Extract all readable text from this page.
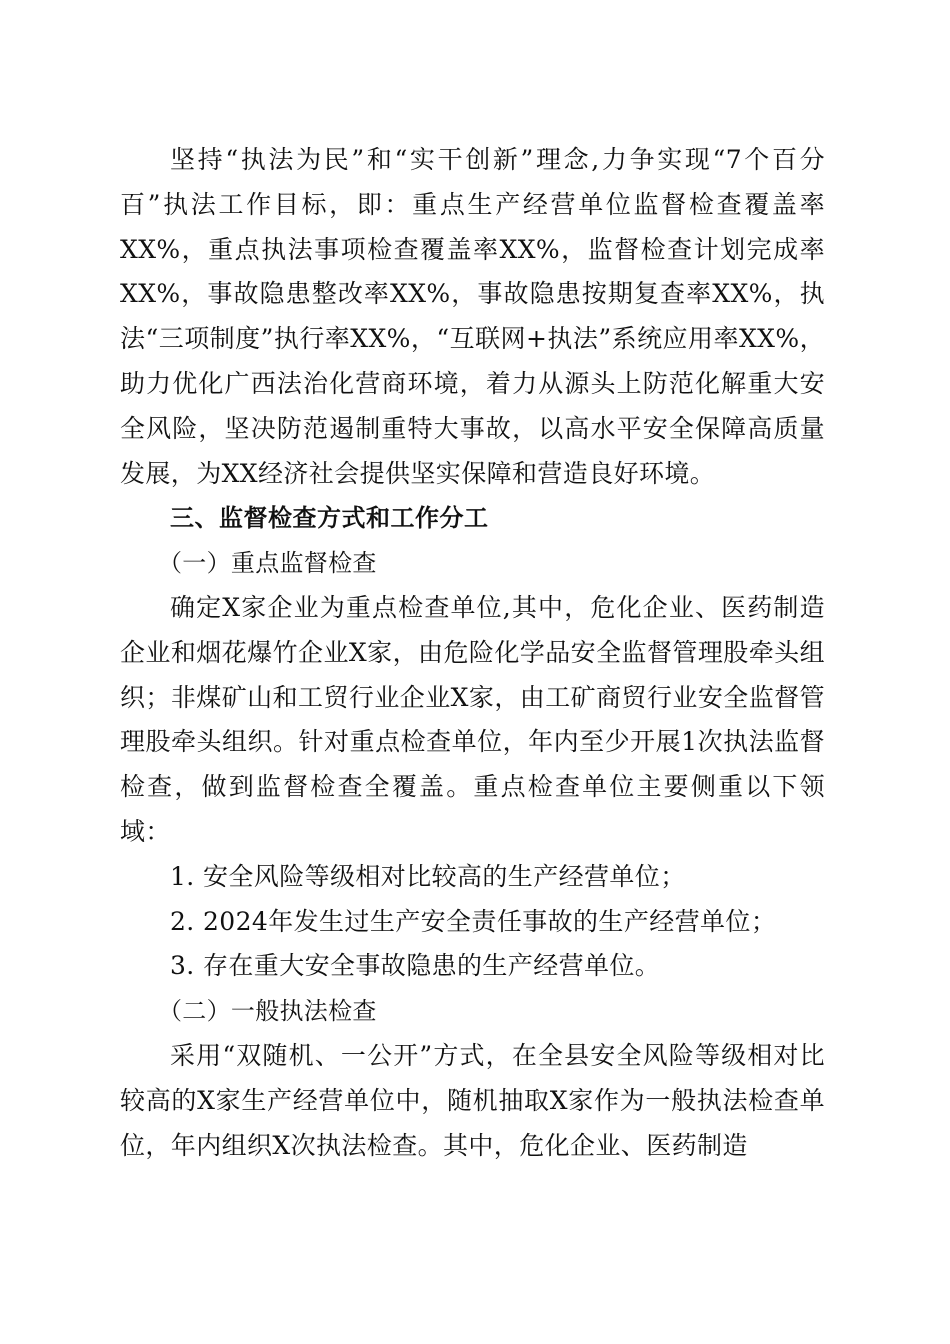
坚持“执法为民”和“实干创新”理念,力争实现“7个百分百”执法工作目标，即：重点生产经营单位监督检查覆盖率XX%，重点执法事项检查覆盖率XX%，监督检查计划完成率XX%，事故隐患整改率XX%，事故隐患按期复查率XX%，执法“三项制度”执行率XX%，“互联网+执法”系统应用率XX%，助力优化广西法治化营商环境，着力从源头上防范化解重大安全风险，坚决防范遏制重特大事故，以高水平安全保障高质量发展，为XX经济社会提供坚实保障和营造良好环境。

三、监督检查方式和工作分工

（一）重点监督检查

确定X家企业为重点检查单位,其中，危化企业、医药制造企业和烟花爆竹企业X家，由危险化学品安全监督管理股牵头组织；非煤矿山和工贸行业企业X家，由工矿商贸行业安全监督管理股牵头组织。针对重点检查单位，年内至少开展1次执法监督检查，做到监督检查全覆盖。重点检查单位主要侧重以下领域：

1. 安全风险等级相对比较高的生产经营单位；

2. 2024年发生过生产安全责任事故的生产经营单位；

3. 存在重大安全事故隐患的生产经营单位。

（二）一般执法检查

采用“双随机、一公开”方式，在全县安全风险等级相对比较高的X家生产经营单位中，随机抽取X家作为一般执法检查单位，年内组织X次执法检查。其中，危化企业、医药制造
